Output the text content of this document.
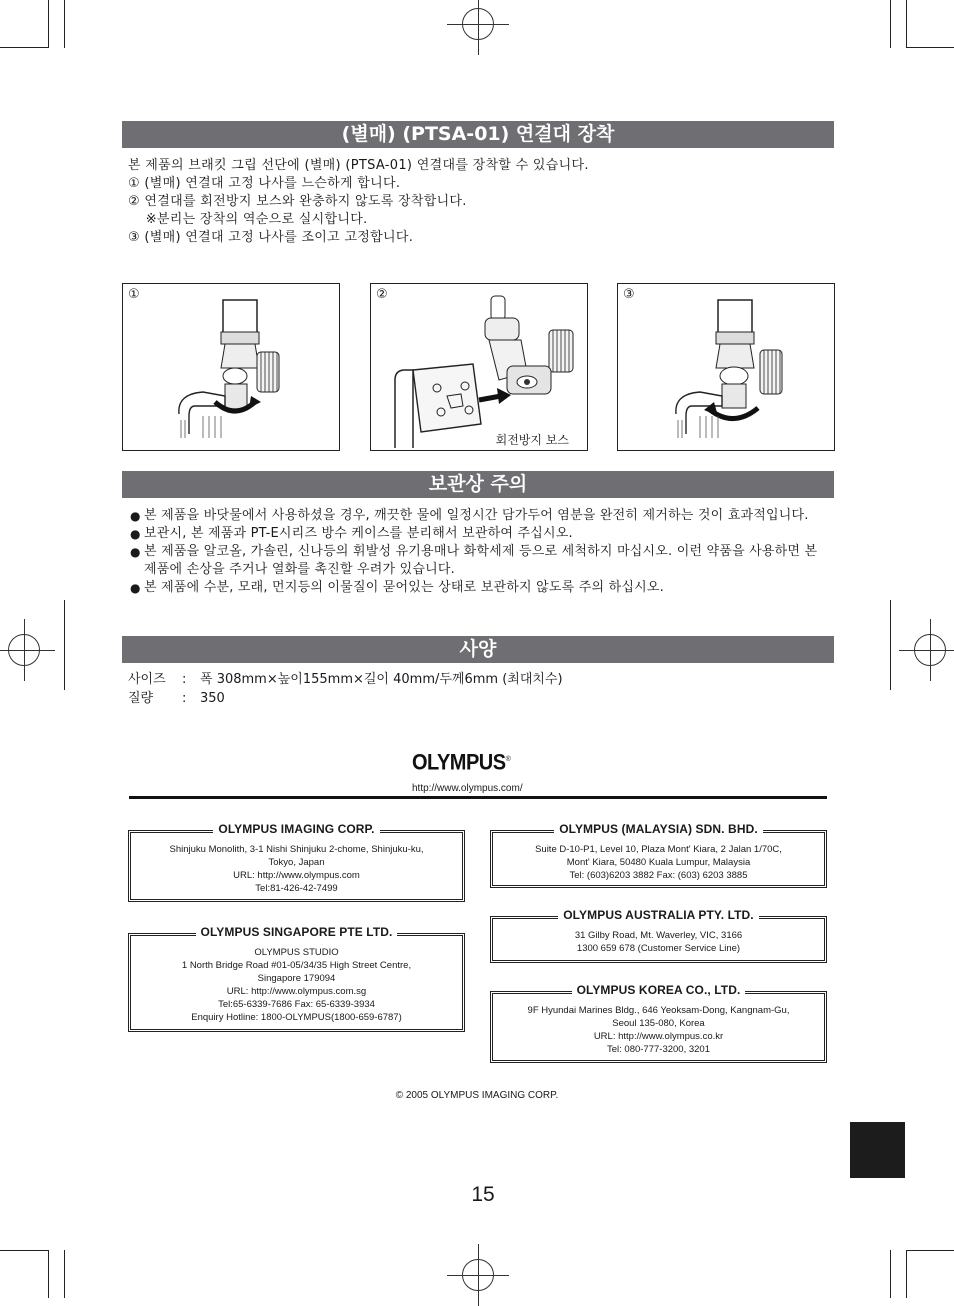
(별매) (PTSA-01) 연결대 장착
본 제품의 브래킷 그립 선단에 (별매) (PTSA-01) 연결대를 장착할 수 있습니다.
① (별매) 연결대 고정 나사를 느슨하게 합니다.
② 연결대를 회전방지 보스와 완충하지 않도록 장착합니다.
※분리는 장착의 역순으로 실시합니다.
③ (별매) 연결대 고정 나사를 조이고 고정합니다.
①	②
회전방지 보스
③
보관상 주의
● 본 제품을 바닷물에서 사용하셨을 경우, 깨끗한 물에 일정시간 담가두어 염분을 완전히 제거하는 것이 효과적입니다.
● 보관시, 본 제품과 PT-E시리즈 방수 케이스를 분리해서 보관하여 주십시오.
● 본 제품을 알코올, 가솔린, 신나등의 휘발성 유기용매나 화학세제 등으로 세척하지 마십시오. 이런 약품을 사용하면 본 제품에 손상을 주거나 열화를 촉진할 우려가 있습니다.
● 본 제품에 수분, 모래, 먼지등의 이물질이 묻어있는 상태로 보관하지 않도록 주의 하십시오.
사양
사이즈	:	폭 308mm×높이155mm×길이 40mm/두께6mm (최대치수)
질량	:	350
OLYMPUS®
http://www.olympus.com/
OLYMPUS IMAGING CORP.
Shinjuku Monolith, 3-1 Nishi Shinjuku 2-chome, Shinjuku-ku,
Tokyo, Japan
URL: http://www.olympus.com
Tel:81-426-42-7499
OLYMPUS (MALAYSIA) SDN. BHD.
Suite D-10-P1, Level 10, Plaza Mont' Kiara, 2 Jalan 1/70C,
Mont' Kiara, 50480 Kuala Lumpur, Malaysia
Tel: (603)6203 3882 Fax: (603) 6203 3885
OLYMPUS AUSTRALIA PTY. LTD.
31 Gilby Road, Mt. Waverley, VIC, 3166
1300 659 678 (Customer Service Line)
OLYMPUS SINGAPORE PTE LTD.
OLYMPUS STUDIO
1 North Bridge Road #01-05/34/35 High Street Centre,
Singapore 179094
URL: http://www.olympus.com.sg
Tel:65-6339-7686 Fax: 65-6339-3934
Enquiry Hotline: 1800-OLYMPUS(1800-659-6787)
OLYMPUS KOREA CO., LTD.
9F Hyundai Marines Bldg., 646 Yeoksam-Dong, Kangnam-Gu,
Seoul 135-080, Korea
URL: http://www.olympus.co.kr
Tel: 080-777-3200, 3201
© 2005 OLYMPUS IMAGING CORP.
15
